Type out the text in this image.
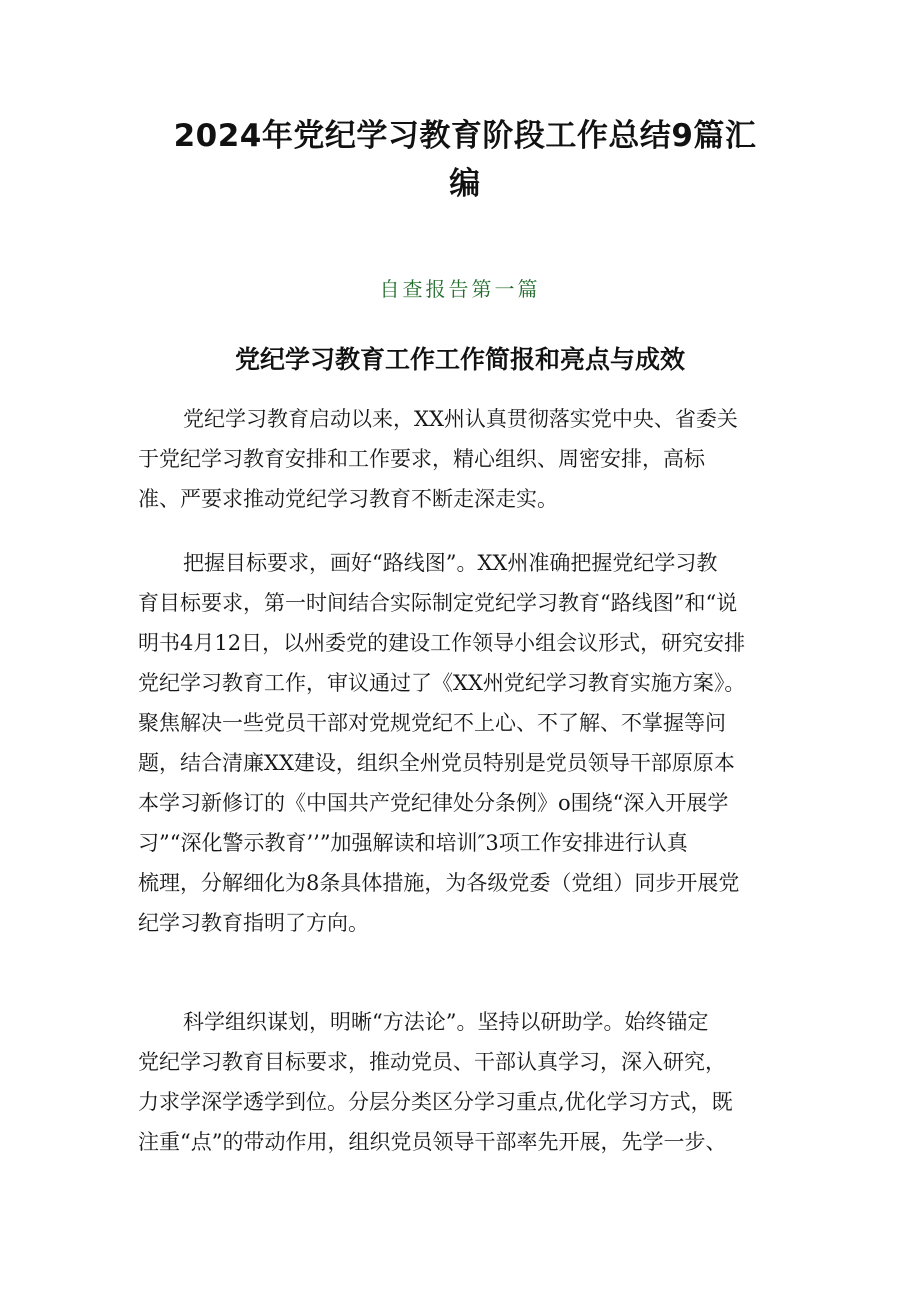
2024年党纪学习教育阶段工作总结9篇汇
编
自查报告第一篇
党纪学习教育工作工作简报和亮点与成效
党纪学习教育启动以来，XX州认真贯彻落实党中央、省委关
于党纪学习教育安排和工作要求，精心组织、周密安排，高标
准、严要求推动党纪学习教育不断走深走实。
把握目标要求，画好“路线图”。XX州准确把握党纪学习教
育目标要求，第一时间结合实际制定党纪学习教育“路线图”和“说
明书4月12日，以州委党的建设工作领导小组会议形式，研究安排
党纪学习教育工作，审议通过了《XX州党纪学习教育实施方案》。
聚焦解决一些党员干部对党规党纪不上心、不了解、不掌握等问
题，结合清廉XX建设，组织全州党员特别是党员领导干部原原本
本学习新修订的《中国共产党纪律处分条例》o围绕“深入开展学
习”“深化警示教育’’”加强解读和培训″3项工作安排进行认真
梳理，分解细化为8条具体措施，为各级党委（党组）同步开展党
纪学习教育指明了方向。
科学组织谋划，明晰“方法论”。坚持以研助学。始终锚定
党纪学习教育目标要求，推动党员、干部认真学习，深入研究，
力求学深学透学到位。分层分类区分学习重点,优化学习方式，既
注重“点”的带动作用，组织党员领导干部率先开展，先学一步、
